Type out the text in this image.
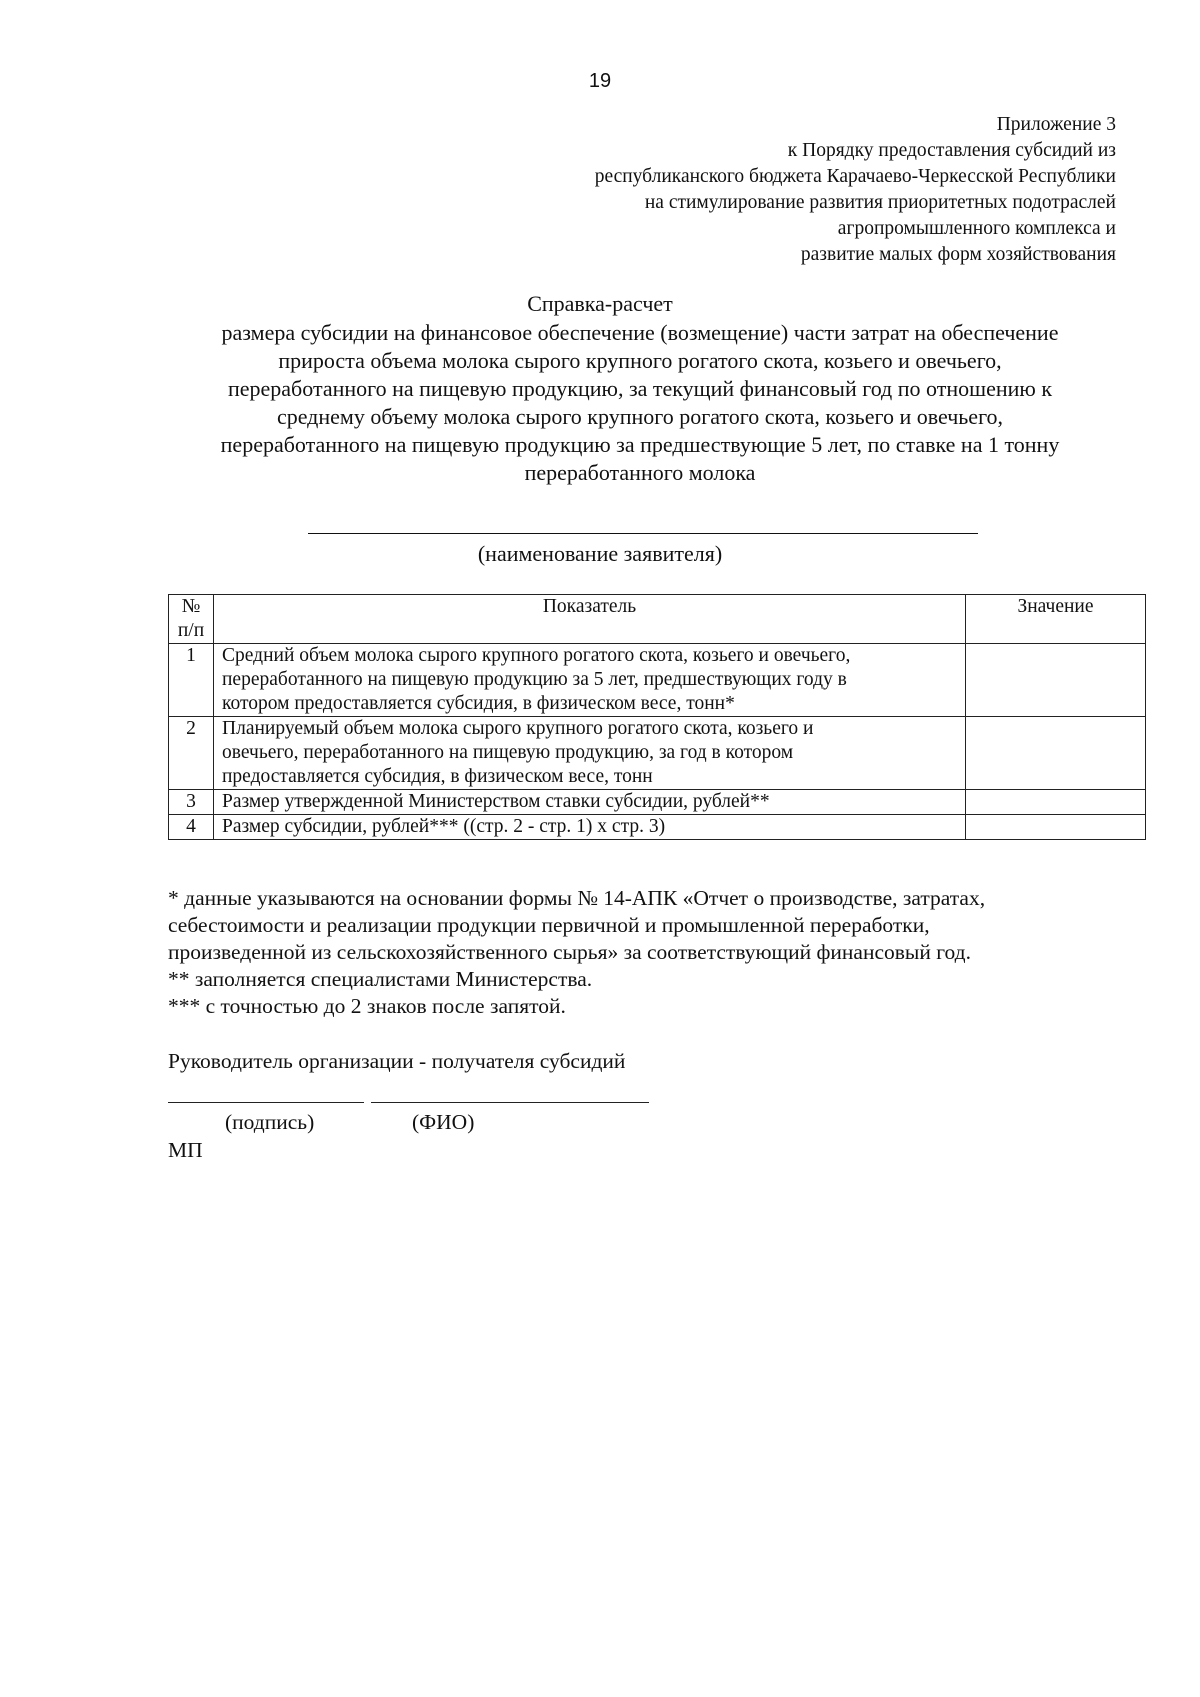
19
Приложение 3
к Порядку предоставления субсидий из
республиканского бюджета Карачаево-Черкесской Республики
на стимулирование развития приоритетных подотраслей
агропромышленного комплекса и
развитие малых форм хозяйствования
Справка-расчет
размера субсидии на финансовое обеспечение (возмещение) части затрат на обеспечение
прироста объема молока сырого крупного рогатого скота, козьего и овечьего,
переработанного на пищевую продукцию, за текущий финансовый год по отношению к
среднему объему молока сырого крупного рогатого скота, козьего и овечьего,
переработанного на пищевую продукцию за предшествующие 5 лет, по ставке на 1 тонну
переработанного молока
(наименование заявителя)
№
п/п	Показатель	Значение
1	Средний объем молока сырого крупного рогатого скота, козьего и овечьего,
переработанного на пищевую продукцию за 5 лет, предшествующих году в
котором предоставляется субсидия, в физическом весе, тонн*	

2	Планируемый объем молока сырого крупного рогатого скота, козьего и
овечьего, переработанного на пищевую продукцию, за год в котором
предоставляется субсидия, в физическом весе, тонн	

3	Размер утвержденной Министерством ставки субсидии, рублей**	

4	Размер субсидии, рублей*** ((стр. 2 - стр. 1) х стр. 3)	

* данные указываются на основании формы № 14-АПК «Отчет о производстве, затратах,
себестоимости и реализации продукции первичной и промышленной переработки,
произведенной из сельскохозяйственного сырья» за соответствующий финансовый год.
** заполняется специалистами Министерства.
*** с точностью до 2 знаков после запятой.
Руководитель организации - получателя субсидий
(подпись)	(ФИО)
МП
